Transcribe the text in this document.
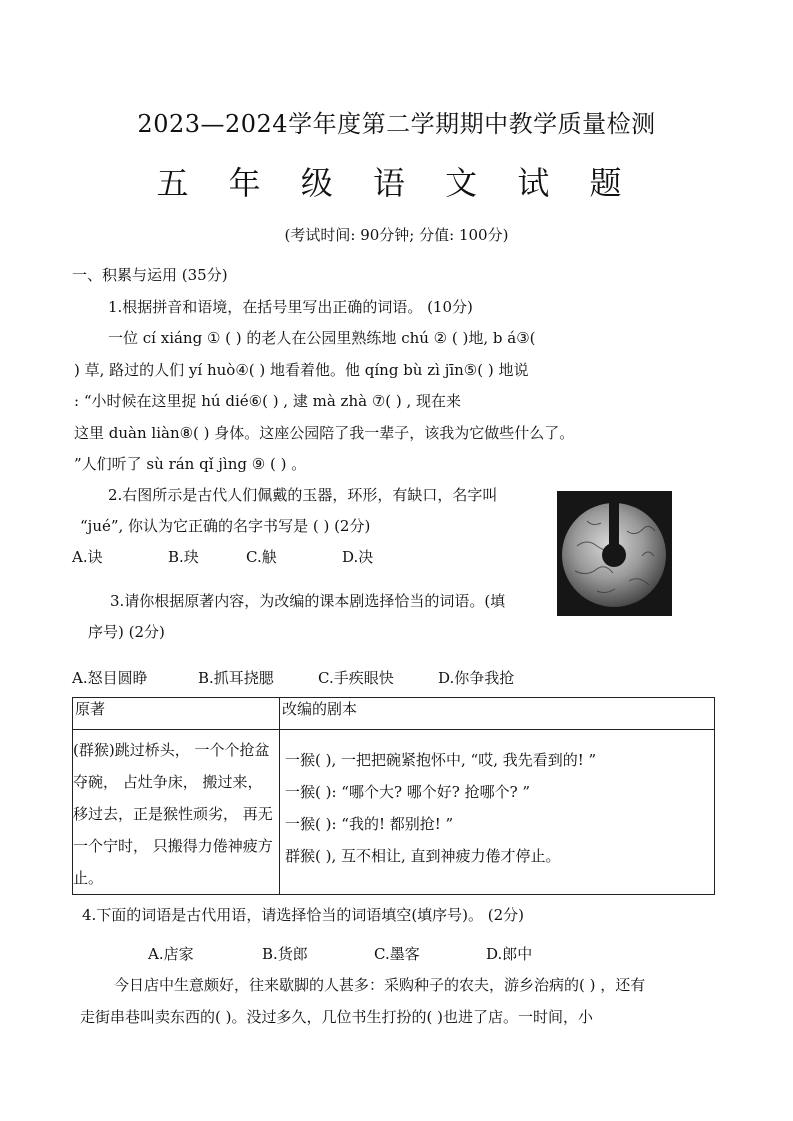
2023—2024学年度第二学期期中教学质量检测
五 年 级 语 文 试 题
(考试时间: 90分钟; 分值: 100分)
一、积累与运用 (35分)
1.根据拼音和语境，在括号里写出正确的词语。 (10分)
一位 cí xiáng ① ( ) 的老人在公园里熟练地 chú ② ( )地, b á③(
) 草, 路过的人们 yí huò④( ) 地看着他。他 qíng bù zì jīn⑤( ) 地说
: “小时候在这里捉 hú dié⑥( ) , 逮 mà zhà ⑦( ) , 现在来
这里 duàn liàn⑧( ) 身体。这座公园陪了我一辈子，该我为它做些什么了。
”人们听了 sù rán qǐ jìng ⑨ ( ) 。
2.右图所示是古代人们佩戴的玉器，环形，有缺口，名字叫
“jué”, 你认为它正确的名字书写是 ( ) (2分)
A.诀	B.玦	C.觖	D.决
3.请你根据原著内容，为改编的课本剧选择恰当的词语。(填
序号) (2分)
A.怒目圆睁	B.抓耳挠腮	C.手疾眼快	D.你争我抢
原著	改编的剧本

(群猴)跳过桥头， 一个个抢盆夺碗， 占灶争床， 搬过来， 移过去，正是猴性顽劣， 再无一个宁时， 只搬得力倦神疲方止。	一猴( ), 一把把碗紧抱怀中, “哎, 我先看到的! ”
一猴( ): “哪个大? 哪个好? 抢哪个? ”
一猴( ): “我的! 都别抢! ”
群猴( ), 互不相让, 直到神疲力倦才停止。
4.下面的词语是古代用语，请选择恰当的词语填空(填序号)。 (2分)
A.店家	B.货郎	C.墨客	D.郎中
今日店中生意颇好，往来歇脚的人甚多：采购种子的农夫，游乡治病的( ) ，还有
走街串巷叫卖东西的( )。没过多久，几位书生打扮的( )也进了店。一时间，小
